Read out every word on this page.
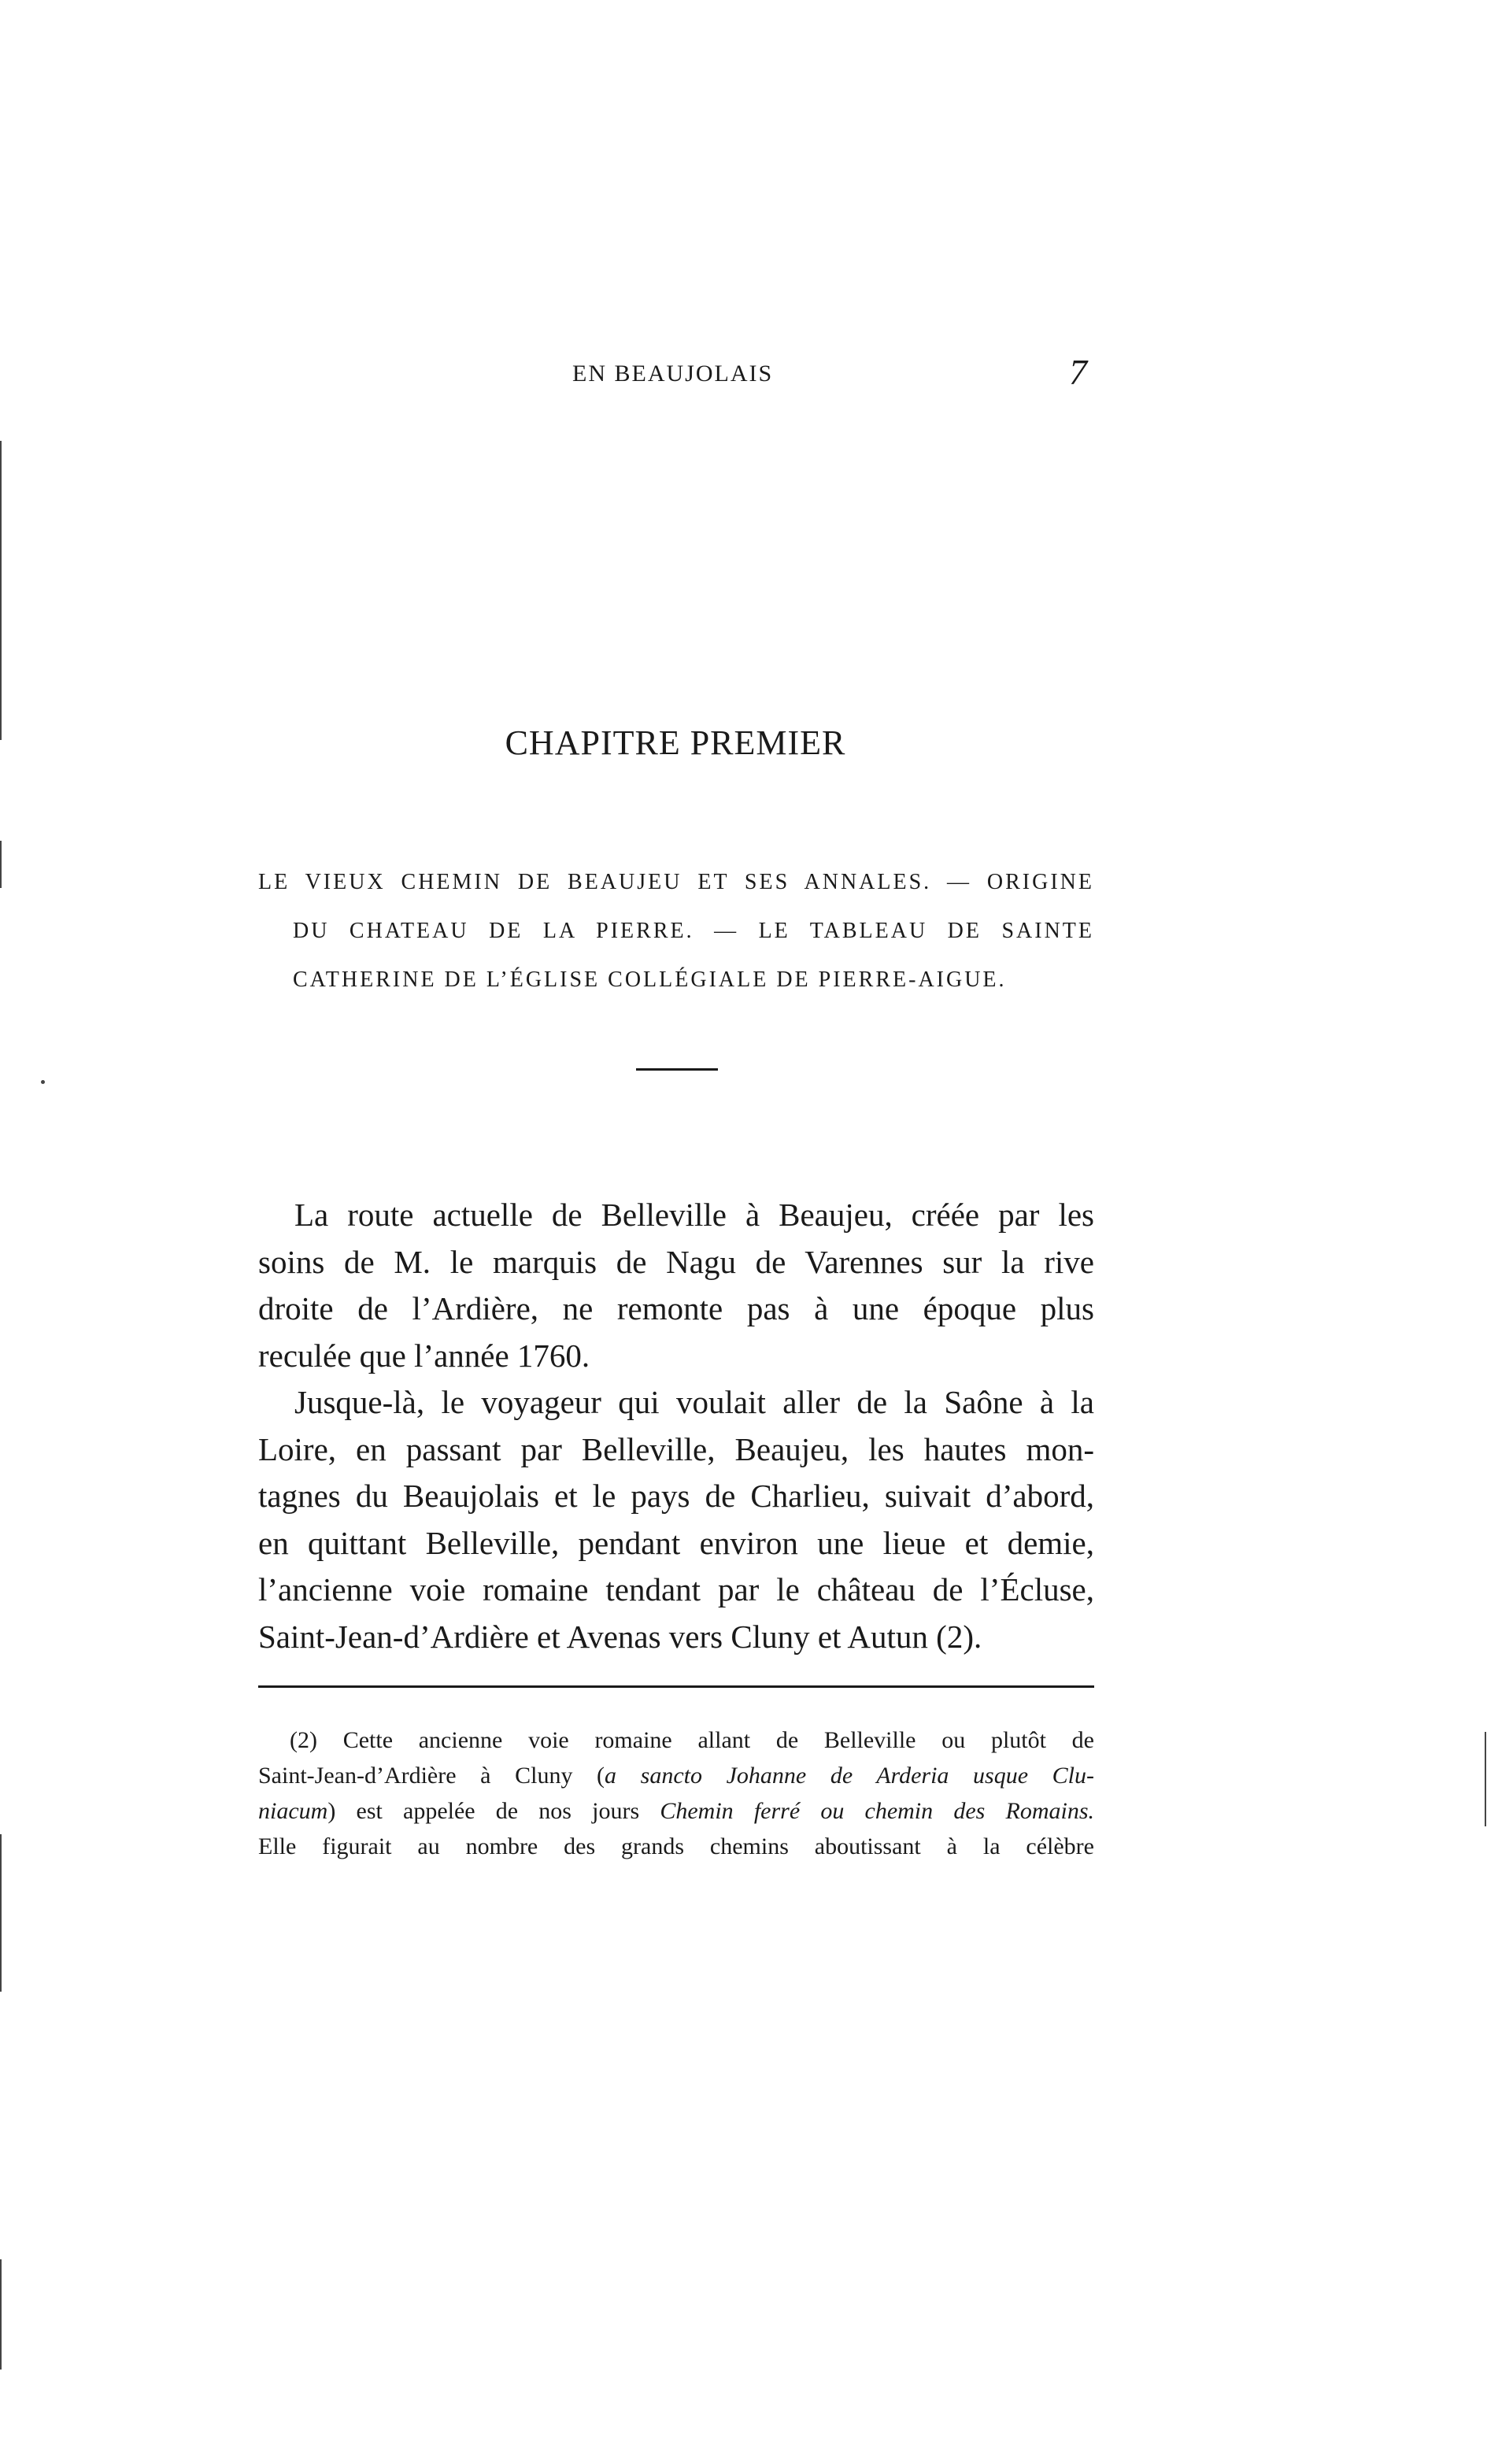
EN BEAUJOLAIS	7
CHAPITRE PREMIER
LE VIEUX CHEMIN DE BEAUJEU ET SES ANNALES. — ORIGINE
DU CHATEAU DE LA PIERRE. — LE TABLEAU DE SAINTE
CATHERINE DE L’ÉGLISE COLLÉGIALE DE PIERRE-AIGUE.

La route actuelle de Belleville à Beaujeu, créée par les
soins de M. le marquis de Nagu de Varennes sur la rive
droite de l’Ardière, ne remonte pas à une époque plus
reculée que l’année 1760.

Jusque-là, le voyageur qui voulait aller de la Saône à la
Loire, en passant par Belleville, Beaujeu, les hautes mon-
tagnes du Beaujolais et le pays de Charlieu, suivait d’abord,
en quittant Belleville, pendant environ une lieue et demie,
l’ancienne voie romaine tendant par le château de l’Écluse,
Saint-Jean-d’Ardière et Avenas vers Cluny et Autun (2).

(2) Cette ancienne voie romaine allant de Belleville ou plutôt de
Saint-Jean-d’Ardière à Cluny (a sancto Johanne de Arderia usque Clu-
niacum) est appelée de nos jours Chemin ferré ou chemin des Romains.
Elle figurait au nombre des grands chemins aboutissant à la célèbre
